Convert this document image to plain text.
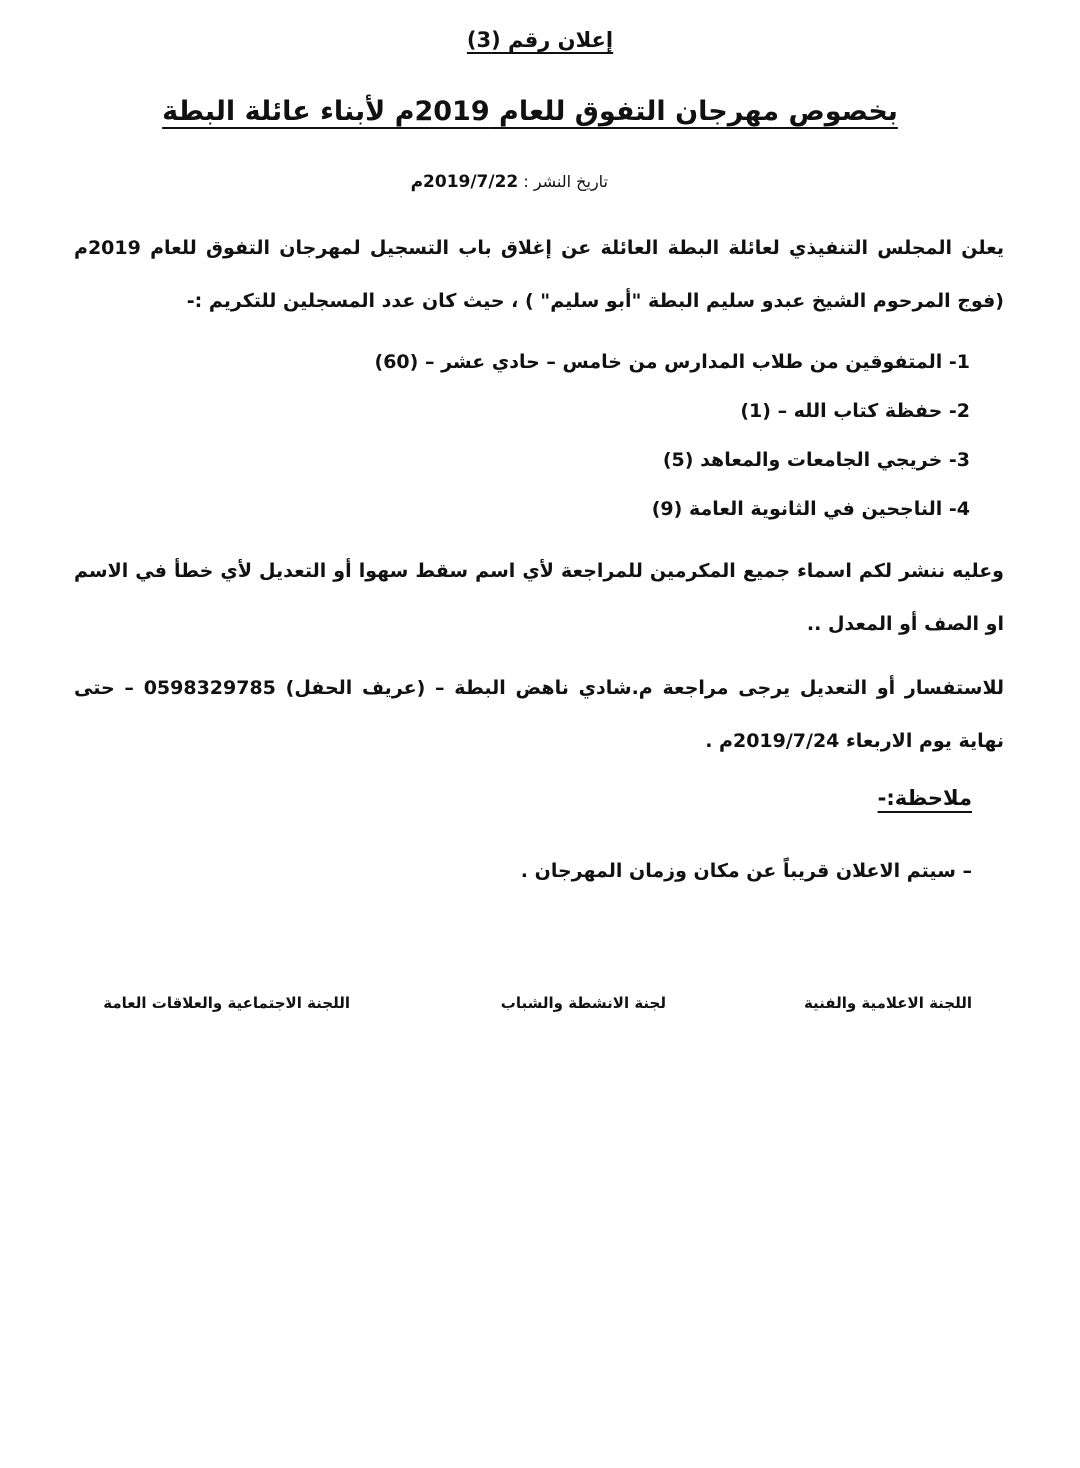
إعلان رقم (3)
بخصوص مهرجان التفوق للعام 2019م لأبناء عائلة البطة
تاريخ النشر : 2019/7/22م
يعلن المجلس التنفيذي لعائلة البطة العائلة عن إغلاق باب التسجيل لمهرجان التفوق للعام 2019م (فوج المرحوم الشيخ عبدو سليم البطة "أبو سليم" ) ، حيث كان عدد المسجلين للتكريم :-
1- المتفوقين من طلاب المدارس من خامس – حادي عشر – (60)
2- حفظة كتاب الله – (1)
3- خريجي الجامعات والمعاهد (5)
4- الناجحين في الثانوية العامة (9)
وعليه ننشر لكم اسماء جميع المكرمين للمراجعة لأي اسم سقط سهوا أو التعديل لأي خطأ في الاسم او الصف أو المعدل ..
للاستفسار أو التعديل يرجى مراجعة م.شادي ناهض البطة – (عريف الحفل) 0598329785 – حتى نهاية يوم الاربعاء 2019/7/24م .
ملاحظة:-
– سيتم الاعلان قريباً عن مكان وزمان المهرجان .
اللجنة الاعلامية والفنية
لجنة الانشطة والشباب
اللجنة الاجتماعية والعلاقات العامة
